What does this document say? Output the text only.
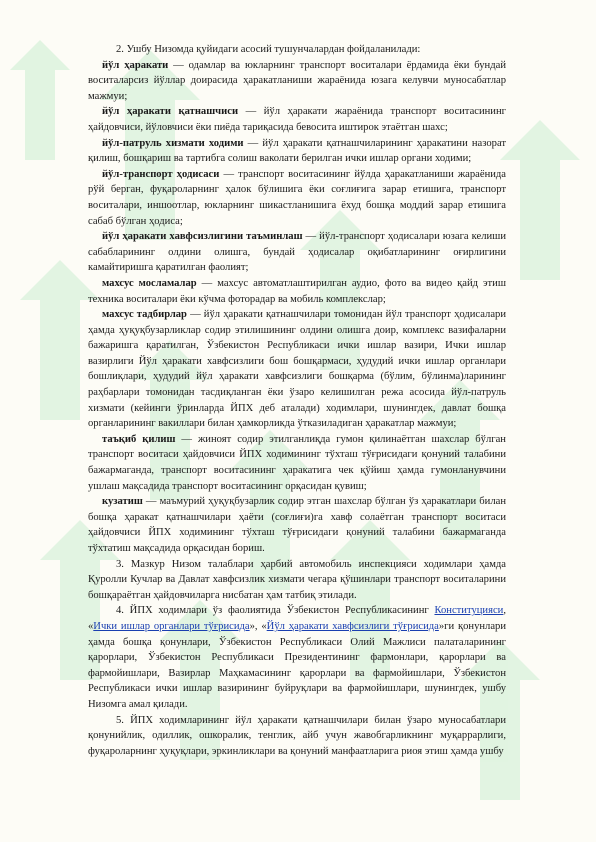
2. Ушбу Низомда қуйидаги асосий тушунчалардан фойдаланилади:

йўл ҳаракати — одамлар ва юкларнинг транспорт воситалари ёрдамида ёки бундай воситаларсиз йўллар доирасида ҳаракатланиши жараёнида юзага келувчи муносабатлар мажмуи;

йўл ҳаракати қатнашчиси — йўл ҳаракати жараёнида транспорт воситасининг ҳайдовчиси, йўловчиси ёки пиёда тариқасида бевосита иштирок этаётган шахс;

йўл-патруль хизмати ходими — йўл ҳаракати қатнашчиларининг ҳаракатини назорат қилиш, бошқариш ва тартибга солиш ваколати берилган ички ишлар органи ходими;

йўл-транспорт ҳодисаси — транспорт воситасининг йўлда ҳаракатланиши жараёнида рўй берган, фуқароларнинг ҳалок бўлишига ёки соғлиғига зарар етишига, транспорт воситалари, иншоотлар, юкларнинг шикастланишига ёхуд бошқа моддий зарар етишига сабаб бўлган ҳодиса;

йўл ҳаракати хавфсизлигини таъминлаш — йўл-транспорт ҳодисалари юзага келиши сабабларининг олдини олишга, бундай ҳодисалар оқибатларининг оғирлигини камайтиришга қаратилган фаолият;

махсус мосламалар — махсус автоматлаштирилган аудио, фото ва видео қайд этиш техника воситалари ёки кўчма фоторадар ва мобиль комплекслар;

махсус тадбирлар — йўл ҳаракати қатнашчилари томонидан йўл транспорт ҳодисалари ҳамда ҳуқуқбузарликлар содир этилишининг олдини олишга доир, комплекс вазифаларни бажаришга қаратилган, Ўзбекистон Республикаси ички ишлар вазири, Ички ишлар вазирлиги Йўл ҳаракати хавфсизлиги бош бошқармаси, ҳудудий ички ишлар органлари бошлиқлари, ҳудудий йўл ҳаракати хавфсизлиги бошқарма (бўлим, бўлинма)ларининг раҳбарлари томонидан тасдиқланган ёки ўзаро келишилган режа асосида йўл-патруль хизмати (кейинги ўринларда ЙПХ деб аталади) ходимлари, шунингдек, давлат бошқа органларининг вакиллари билан ҳамкорликда ўтказиладиган ҳаракатлар мажмуи;

таъқиб қилиш — жиноят содир этилганлиқда гумон қилинаётган шахслар бўлган транспорт воситаси ҳайдовчиси ЙПХ ходимининг тўхташ тўғрисидаги қонуний талабини бажармаганда, транспорт воситасининг ҳаракатига чек қўйиш ҳамда гумонланувчини ушлаш мақсадида транспорт воситасининг орқасидан қувиш;

кузатиш — маъмурий ҳуқуқбузарлик содир этган шахслар бўлган ўз ҳаракатлари билан бошқа ҳаракат қатнашчилари ҳаёти (соғлиғи)га хавф солаётган транспорт воситаси ҳайдовчиси ЙПХ ходимининг тўхташ тўғрисидаги қонуний талабини бажармаганда тўхтатиш мақсадида орқасидан бориш.

3. Мазкур Низом талаблари ҳарбий автомобиль инспекцияси ходимлари ҳамда Қуролли Кучлар ва Давлат хавфсизлик хизмати чегара қўшинлари транспорт воситаларини бошқараётган ҳайдовчиларга нисбатан ҳам татбиқ этилади.

4. ЙПХ ходимлари ўз фаолиятида Ўзбекистон Республикасининг Конституцияси, «Ички ишлар органлари тўғрисида», «Йўл ҳаракати хавфсизлиги тўғрисида»ги қонунлари ҳамда бошқа қонунлари, Ўзбекистон Республикаси Олий Мажлиси палаталарининг қарорлари, Ўзбекистон Республикаси Президентининг фармонлари, қарорлари ва фармойишлари, Вазирлар Маҳкамасининг қарорлари ва фармойишлари, Ўзбекистон Республикаси ички ишлар вазирининг буйруқлари ва фармойишлари, шунингдек, ушбу Низомга амал қилади.

5. ЙПХ ходимларининг йўл ҳаракати қатнашчилари билан ўзаро муносабатлари қонунийлик, одиллик, ошкоралик, тенглик, айб учун жавобгарликнинг муқаррарлиги, фуқароларнинг ҳуқуқлари, эркинликлари ва қонуний манфаатларига риоя этиш ҳамда ушбу
